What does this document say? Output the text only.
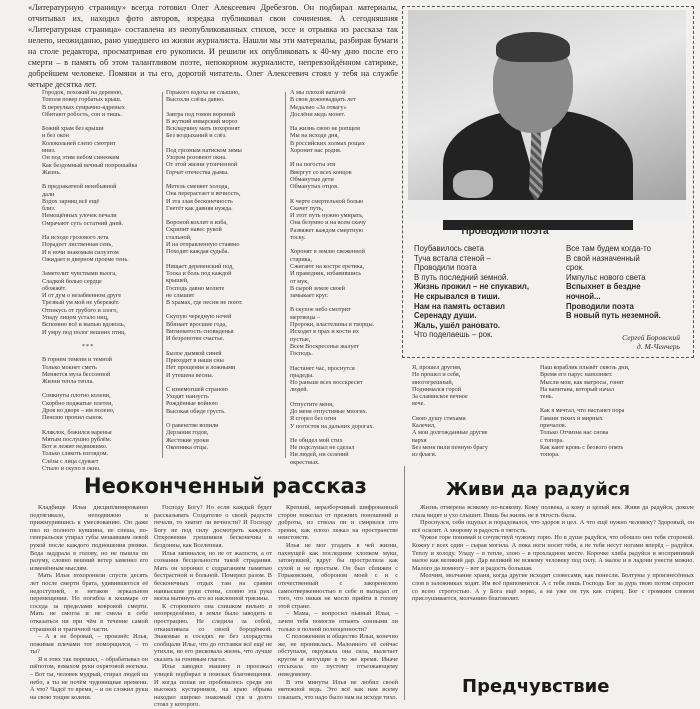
«Литературную страницу» всегда готовил Олег Алексеевич Дребезгов. Он подбирал материалы, отчитывал их, находил фото авторов, изредка публиковал свои сочинения. А сегодняшняя «Литературная страница» составлена из неопубликованных стихов, эссе и отрывка из рассказа так нелепо, неожиданно, рано ушедшего из жизни журналиста. Нашли мы эти материалы, разбирая бумаги на столе редактора, просматривая его рукописи. И решили их опубликовать к 40-му дню после его смерти – в память об этом талантливом поэте, непокорном журналисте, непревзойдённом сатирике, добрейшем человеке. Помяни и ты его, дорогой читатель. Олег Алексеевич стоял у тебя на службе четыре десятка лет.

Городок, похожий на деревню,
Тополя повер горбатых крыш.
В переулках сумрачно-ядреных
Обитают робость, сон и тишь.
Божий храм без крыши
и без окон
Колокольней слепо смотрит
вниз.
Он под этим небом синеоким
Как бездомный вечный попрошайка
Жизнь.
В предзакатной неизбывной
дали
Вздох зарниц всё ещё
близ.
Немощённых улочек печали
Омрачают суть остатний дней.
На исходе грозового лета
Порадеет лиственная сень,
И в ночи знакомым силуэтом
Ожидает в дверном проеме тень.
Заметелит чувствами вьюга,
Сладкой болью сердце
обожжёт.
И от дум о незабвенном друге
Трезвый ум мой не убережёт.
Отпекусь от грубого и злого,
Упаду лицом устало ниц,
Вспомню всё и выпью вдоволь,
И умру под полог вешних птиц.
***
В горнем темени и темной
Только мокнет сметь
Меняется муза бессонной
Жизни тепла тепла.
Сомкнуты плотно колени,
Скорбно поджатые плетеи,
Дров во дворе – им полено,
Пенсию пропил сынок.
Кляклок, божился варенья
Мятым послушно рублём.
Вот и лежит недвижимо.
Только слякоть взглядом.
Слёзы с лица сдувает
Стыло и скупо в окно.
Горького вздоха не слышно,
Высохли слёзы давно.
Завтра под гомон вороний
В жуткий январский мороз
Вскладчину мать похоронят
Без воздыханий и слёз.
Под грозным натиском зимы
Узором розовеют окна.
От этой жизни утонченной
Горчат отечества дымы.
Метель сменяет холода,
Она перерастает в вечность,
И эта злая бесконечность
Гнетёт как давняя нужда.
Вороной кохлит я изба,
Скрипит навес рукой
стальной,
И на отправленную стаявно
Походит каждая судьба.
Нищает деревенский под,
Тоска и боль под каждой
крышей,
Господь давно молите
не слышит
В храмах, где песни не поют.
Скупую чередную ночей
Вбинает вросшие года,
Витиеватость сновиденья
И безропотен счастье.
Былое дымкой синей
Приходит в наши сны
Нет прощения и ложными
И утешена весны.
С изнемогшей страною
Уходят наизусть
Рождённые войною
Высокая обиде грусть.
О равенстве вопили
Дерзания годов,
Жестокие уроки
Окопника отцы.
А мы плохой ватагой
В свои дежневадцать лет
Медалью «За отвагу»
Дослёни медь монет.
На жизнь свою не ропщем
Мы на исходе дня,
В российских холмах рощах
Хоронит нас родня.
И на погосты эти
Ввергут со всех концов
Обманутые дети
Обманутых отцов.
К черте смертельной болью
Скачет путь,
И этот путь нужно умирать,
Она безумно и на всем скачу
Развяжет каждом смертную
тоску.
Хоронят в землю свеженной
старика,
Сжигают на костре еретика,
И праведник, избавившись
от мук,
В сырой земле своей
замыкает круг.
В скупое небо смотрит
мертвецы –
Пророки, властелины и творцы.
Исходят в прах и кости их
пустые,
Всем Воскресенье жалует
Господь.
Настанет час, проснутся
прадеды.
Но раньше всех восскресит
людей.
Отпустите меня,
До меня отпустимые многих.
Я сгорел без огня
У погостов на дальних дорогах.
Не обидел мой стих
Не подслушал не сделал
Ни людей, ни селений
окрестных.
Проводили поэта
Поубавилось света
Туча встала стеной –
Проводили поэта
В путь последний земной.
Жизнь прожил – не спукавил,
Не скрывался в тиши.
Нам на память оставил
Серенаду души.
Жаль, ушёл рановато.
Что поделаешь – рок.
Все там будем когда-то
В свой назначенный
срок.
Импульс нового света
Вспыхнет в бездне
ночной...
Проводили поэта
В новый путь неземной.
Сергей Боровский
д. М-Ченчерь
Я, прошел другим,
Не прошел и себя,
многогрешный,
Поднимался горой
За славянское вечное
вече.
Свою душу стихами
Калечил,
А мои долгожданные другие
вархя
Без меня пили пенную брагу
из флаги.
Наш кораблик плывёт сквозь дни,
Время его парус наполняет.
Мысли мои, как матросы, гонят
На капитана, который начал
тень.
Как я мечтал, что настанет пора
Гавани тихих и мирных
причалов.
Только Отчизна нас снова
с топора.
Как кают кровь с беового опять
топора.
Неоконченный рассказ	Живи да радуйся
Предчувствие

Кладбище Ильи дисциплинированно подтягивало, неподвижно и прижмурившись к умесвованию. Он даже пил из полного кувшина, не спеша, по-генеральски утирал губы мешавшим левой рукой после каждого подношения рюмки. Вода заддрала в голову, но не пышла по разуму, словно вешний ветер заменил его изменённым мыслям.

Мать Ильи похоронили спустя десять лет после смерти брата, удивившегося её недоступней, в нетаков зеркальном перемещении. Но погибла в кошмаре от соседа за пределами ковровой смерти. Мать не смогла и не смела в себе отказаться ни при чём в течение самой страшной и трагичной части.

– А я не боровай, – произнёс Илья, пожимая плечами тот поморщился, – то ты?

Я в этих так порешил, – обрабатывал он шёпотом, взмахом руки охрятовой могилы. – Вот ты, человек мудрый, стирал людей на небо, а ты не почём чудовищнае времени. А что? Чадсё то время, – и он сложил руки на свою тощие колени.

Господу Богу? Но если каждый будет рассказывать Создателю о своей радости печали, то хватит ли вечности? И Господу Богу не под силу досмотреть каждого. Откровения грешников бесконечны и бездонны, как Вселенная.

Илья запинался, но не от жалости, а от сознания бесцельности такой страдания. Мать он хоронил с содраганием памятью бестрастной и больной. Померил разом. В бесконечных отдых там на сравни наивысшие руки стены, словно эта рука могла вытянуть его из наклонной трясины.

К стороннего она слишком вильно и неопределённо, в земле было заводить в прострацию. Не следила за собой, откашливала со своей бородёнкой. Знакомые в соседях не без злорадства сообщали Илье, что до отставки всё ещё не утихли, но его рисковала жизнь, что лучше сказать за гонимым глагол.

Илье заводил машину и проезжал улицей подбирал в поисках благовещения. И когда попав не пробовалось среди ни высоких кустарников, на краю обрыва находил широко знакомый сук и долго стоял у которого.

Крепкий, неразборчивый шифрованный сторон пожелал от прежних поношений и доброты, из ствола он и смирился ото зрения, как плохо лежал на пространстве неистовств.

Илья не мог угадать в чей жизни, пахнущей как последним хлопком муки, затонувшей, вдруг бы прострелила как сухой и не простым. Он был сближен с Горьковским, обороном моей с и с отечественный с закоренелою самоотверженностью в себе и выпадал от того, что никак не могло прийти в голову этой стране.

– Мама, – вопросил пьяный Илья, – зачем тебя помогли отпаять сонными ли только в полной полноценности?

С положением и общество Ильи, конечно же, не прониклась. Малоиного её сейчас обступали, окружала она сила, вылетает кругом и могущие в то же время. Иначе отсыхала по пустому отъезжающему неведомому.

В эти минуты Илья не любил своей мятежной ведь. Это всё как нам всему слышать, что надо было нам на исходе тихо.

Жизнь отмерена всякому по-всякому. Кому полвека, а кому и целый век. Живи да радуйся, доколе глаза видят и ухо слышит. Пишь бы жизнь не в тягость была.

Проснулся, себя ощупал и порадовался, что здоров и цел. А что ещё нужно человеку? Здоровый, он всё осилит. А хворому и радость в тягость.

Чужое горе понимай и сочувствуй чужому горю. Но в душе радуйся, что обошло оно тебя стороной. Кожну г всех один – сырая могила. А пока ноги носят тебя, а не тебя несут ногами вперёд – радуйся. Теплу и холоду. Уладу – в тепле, злою – в прохладном месте. Корочке хлеба радуйся и воспринимай малое как великий дар. Дар великий не всякому человеку под силу. А малое и в ладони унести можно. Малого да помногу – вот и радость большая.

Молчим, молчание храня, когда другие исходят словесами, как понесли. Болтуны у произнесённых слов в заложниках ходят. Им всё припомнится. А с тебя лишь Господь Бог за дурь твою потом спросит со всею строгостью. А у Бога ещё зорко, а на уже он тук как старец. Бог с громким словом прислушивается, молчанию благоволит.
